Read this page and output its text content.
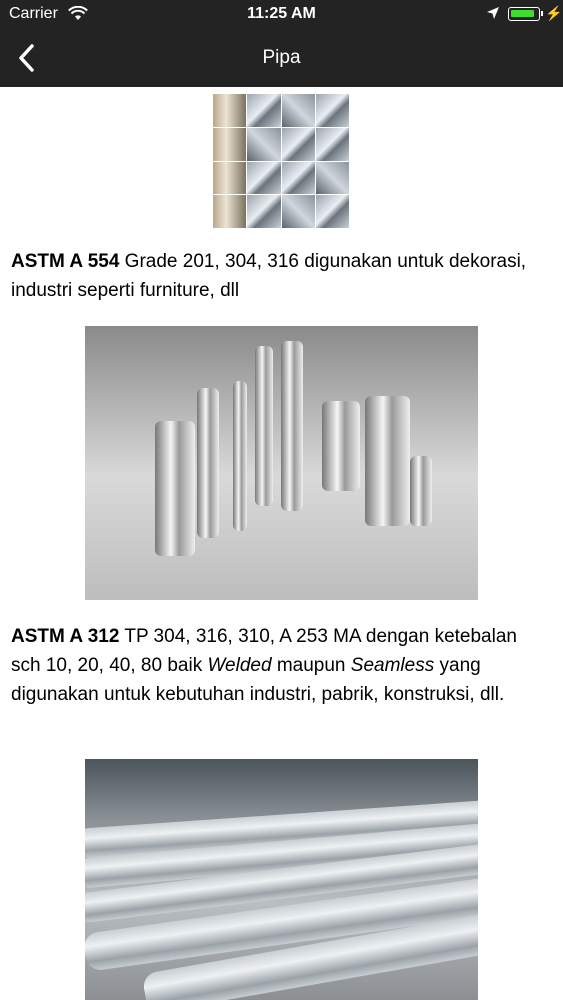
Carrier	11:25 AM	⚡
Pipa
ASTM A 554 Grade 201, 304, 316 digunakan untuk dekorasi, industri seperti furniture, dll
ASTM A 312 TP 304, 316, 310, A 253 MA dengan ketebalan sch 10, 20, 40, 80 baik Welded maupun Seamless yang digunakan untuk kebutuhan industri, pabrik, konstruksi, dll.
